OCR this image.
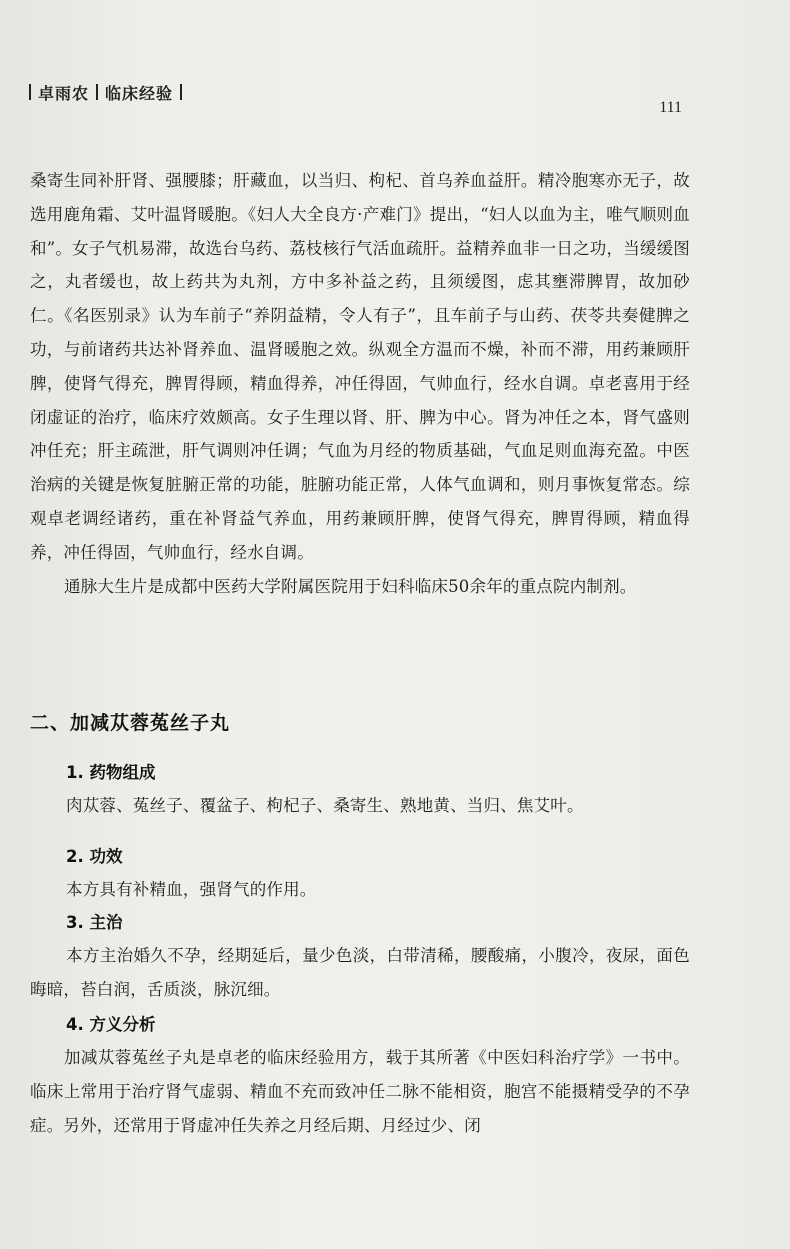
卓雨农 临床经验
111

桑寄生同补肝肾、强腰膝；肝藏血，以当归、枸杞、首乌养血益肝。精冷胞寒亦无子，故选用鹿角霜、艾叶温肾暖胞。《妇人大全良方·产难门》提出，“妇人以血为主，唯气顺则血和”。女子气机易滞，故选台乌药、荔枝核行气活血疏肝。益精养血非一日之功，当缓缓图之，丸者缓也，故上药共为丸剂，方中多补益之药，且须缓图，虑其壅滞脾胃，故加砂仁。《名医别录》认为车前子“养阴益精，令人有子”，且车前子与山药、茯苓共奏健脾之功，与前诸药共达补肾养血、温肾暖胞之效。纵观全方温而不燥，补而不滞，用药兼顾肝脾，使肾气得充，脾胃得顾，精血得养，冲任得固，气帅血行，经水自调。卓老喜用于经闭虚证的治疗，临床疗效颇高。女子生理以肾、肝、脾为中心。肾为冲任之本，肾气盛则冲任充；肝主疏泄，肝气调则冲任调；气血为月经的物质基础，气血足则血海充盈。中医治病的关键是恢复脏腑正常的功能，脏腑功能正常，人体气血调和，则月事恢复常态。综观卓老调经诸药，重在补肾益气养血，用药兼顾肝脾，使肾气得充，脾胃得顾，精血得养，冲任得固，气帅血行，经水自调。

通脉大生片是成都中医药大学附属医院用于妇科临床50余年的重点院内制剂。

二、加减苁蓉菟丝子丸
1. 药物组成

肉苁蓉、菟丝子、覆盆子、枸杞子、桑寄生、熟地黄、当归、焦艾叶。

2. 功效

本方具有补精血，强肾气的作用。

3. 主治

本方主治婚久不孕，经期延后，量少色淡，白带清稀，腰酸痛，小腹冷，夜尿，面色晦暗，苔白润，舌质淡，脉沉细。

4. 方义分析

加减苁蓉菟丝子丸是卓老的临床经验用方，载于其所著《中医妇科治疗学》一书中。临床上常用于治疗肾气虚弱、精血不充而致冲任二脉不能相资，胞宫不能摄精受孕的不孕症。另外，还常用于肾虚冲任失养之月经后期、月经过少、闭
